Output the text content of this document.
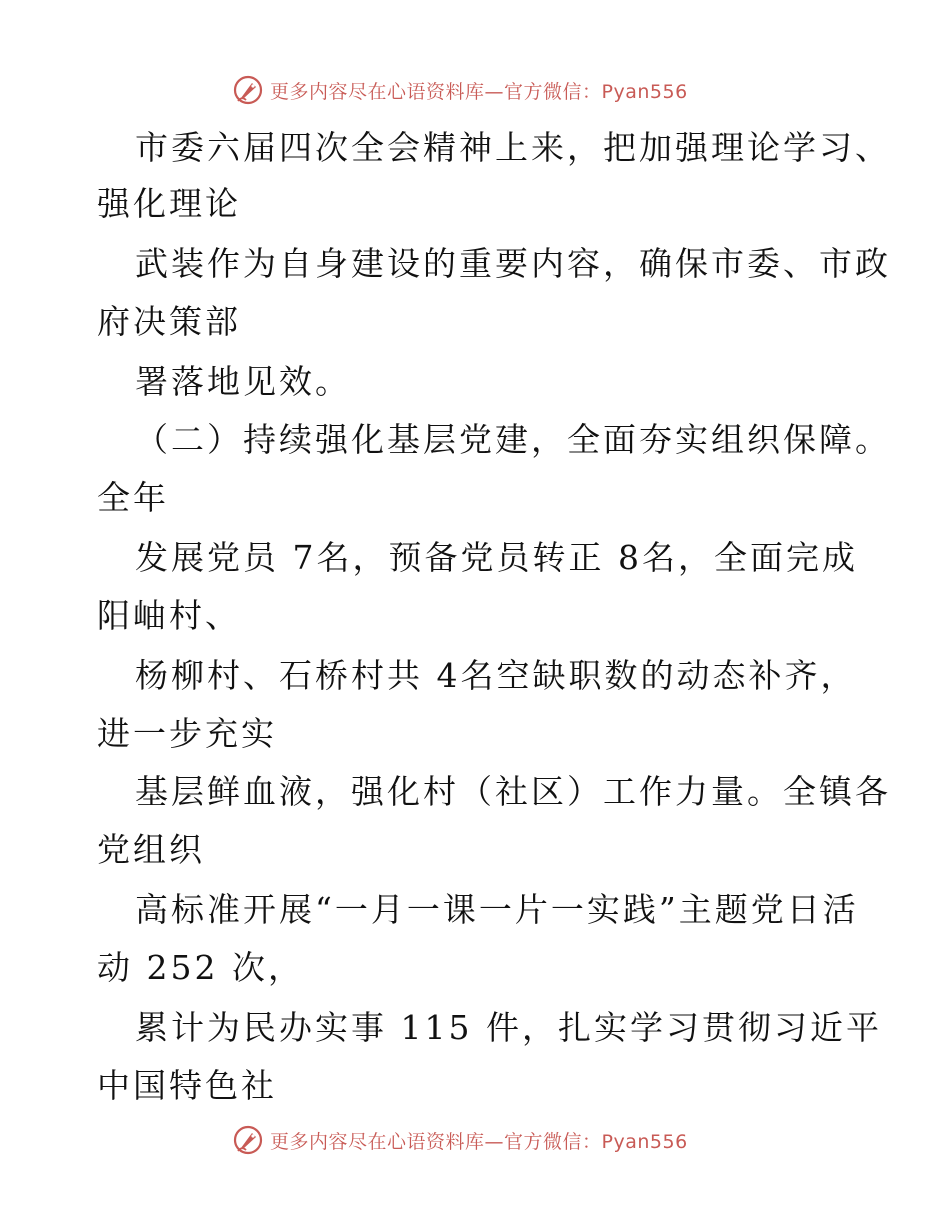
更多内容尽在心语资料库—官方微信：Pyan556
市委六届四次全会精神上来，把加强理论学习、
强化理论
武装作为自身建设的重要内容，确保市委、市政
府决策部
署落地见效。
（二）持续强化基层党建，全面夯实组织保障。
全年
发展党员 7名，预备党员转正 8名，全面完成
阳岫村、
杨柳村、石桥村共 4名空缺职数的动态补齐，
进一步充实
基层鲜血液，强化村（社区）工作力量。全镇各
党组织
高标准开展“一月一课一片一实践”主题党日活
动 252 次，
累计为民办实事 115 件，扎实学习贯彻习近平
中国特色社
更多内容尽在心语资料库—官方微信：Pyan556
